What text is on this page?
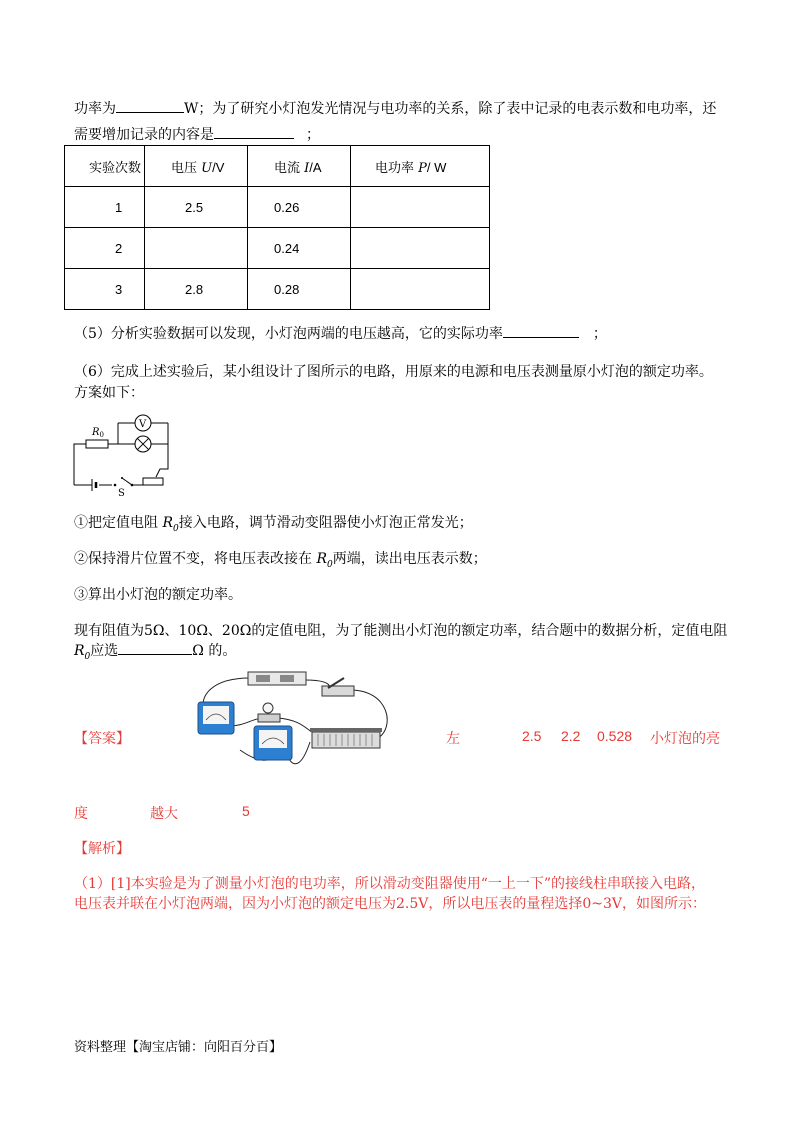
功率为	W；为了研究小灯泡发光情况与电功率的关系，除了表中记录的电表示数和电功率，还
需要增加记录的内容是	；
实验次数	电压 U/V	电流 I/A	电功率 P/ W
1	2.5	0.26	
2		0.24	
3	2.8	0.28	
（5）分析实验数据可以发现，小灯泡两端的电压越高，它的实际功率	；
（6）完成上述实验后，某小组设计了图所示的电路，用原来的电源和电压表测量原小灯泡的额定功率。
方案如下：
$R_0$
V
S
①把定值电阻 $R_0$接入电路，调节滑动变阻器使小灯泡正常发光；
②保持滑片位置不变，将电压表改接在 $R_0$两端，读出电压表示数；
③算出小灯泡的额定功率。
现有阻值为5Ω、10Ω、20Ω的定值电阻，为了能测出小灯泡的额定功率，结合题中的数据分析，定值电阻
$R_0$应选	Ω 的。
【答案】	左	2.5 2.2 0.528 小灯泡的亮
度	越大	5
【解析】
（1）[1]本实验是为了测量小灯泡的电功率，所以滑动变阻器使用“一上一下”的接线柱串联接入电路，
电压表并联在小灯泡两端，因为小灯泡的额定电压为2.5V，所以电压表的量程选择0~3V，如图所示：
资料整理【淘宝店铺：向阳百分百】
